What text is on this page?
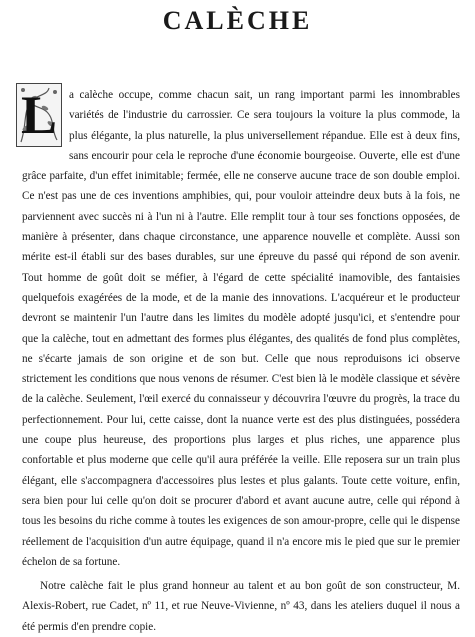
CALÈCHE

L	a calèche occupe, comme chacun sait, un rang important parmi les innombrables variétés de l'industrie du carrossier. Ce sera toujours la voiture la plus commode, la plus élégante, la plus naturelle, la plus universellement répandue. Elle est à deux fins, sans encourir pour cela le reproche d'une économie bourgeoise. Ouverte, elle est d'une grâce parfaite, d'un effet inimitable; fermée, elle ne conserve aucune trace de son double emploi. Ce n'est pas une de ces inventions amphibies, qui, pour vouloir atteindre deux buts à la fois, ne parviennent avec succès ni à l'un ni à l'autre. Elle remplit tour à tour ses fonctions opposées, de manière à présenter, dans chaque circonstance, une apparence nouvelle et complète. Aussi son mérite est-il établi sur des bases durables, sur une épreuve du passé qui répond de son avenir. Tout homme de goût doit se méfier, à l'égard de cette spécialité inamovible, des fantaisies quelquefois exagérées de la mode, et de la manie des innovations. L'acquéreur et le producteur devront se maintenir l'un l'autre dans les limites du modèle adopté jusqu'ici, et s'entendre pour que la calèche, tout en admettant des formes plus élégantes, des qualités de fond plus complètes, ne s'écarte jamais de son origine et de son but. Celle que nous reproduisons ici observe strictement les conditions que nous venons de résumer. C'est bien là le modèle classique et sévère de la calèche. Seulement, l'œil exercé du connaisseur y découvrira l'œuvre du progrès, la trace du perfectionnement. Pour lui, cette caisse, dont la nuance verte est des plus distinguées, possédera une coupe plus heureuse, des proportions plus larges et plus riches, une apparence plus confortable et plus moderne que celle qu'il aura préférée la veille. Elle reposera sur un train plus élégant, elle s'accompagnera d'accessoires plus lestes et plus galants. Toute cette voiture, enfin, sera bien pour lui celle qu'on doit se procurer d'abord et avant aucune autre, celle qui répond à tous les besoins du riche comme à toutes les exigences de son amour-propre, celle qui le dispense réellement de l'acquisition d'un autre équipage, quand il n'a encore mis le pied que sur le premier échelon de sa fortune.

Notre calèche fait le plus grand honneur au talent et au bon goût de son constructeur, M. Alexis-Robert, rue Cadet, nº 11, et rue Neuve-Vivienne, nº 43, dans les ateliers duquel il nous a été permis d'en prendre copie.
